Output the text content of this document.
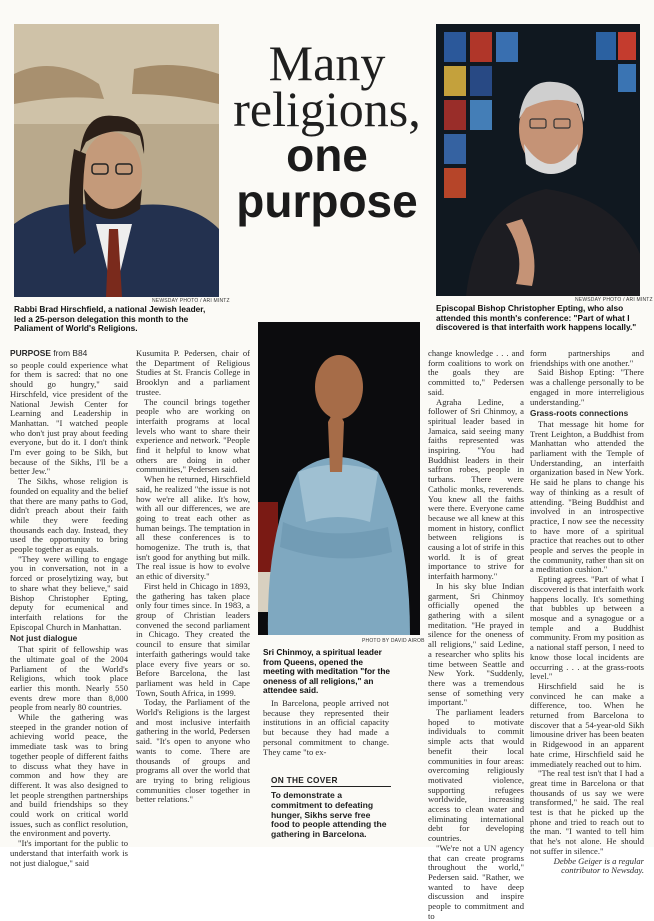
NEWSDAY PHOTO / ARI MINTZ
Rabbi Brad Hirschfield, a national Jewish leader, led a 25-person delegation this month to the Paliament of World's Religions.
Many
religions,
one
purpose
NEWSDAY PHOTO / ARI MINTZ
Episcopal Bishop Christopher Epting, who also attended this month's conference: "Part of what I discovered is that interfaith work happens locally."
PHOTO BY DAVID AIROB
Sri Chinmoy, a spiritual leader from Queens, opened the meeting with meditation "for the oneness of all religions," an attendee said.
PURPOSE from B84

so people could experience what for them is sacred: that no one should go hungry," said Hirschfeld, vice president of the National Jewish Center for Learning and Leadership in Manhattan. "I watched people who don't just pray about feeding everyone, but do it. I don't think I'm ever going to be Sikh, but because of the Sikhs, I'll be a better Jew."

The Sikhs, whose religion is founded on equality and the belief that there are many paths to God, didn't preach about their faith while they were feeding thousands each day. Instead, they used the opportunity to bring people together as equals.

"They were willing to engage you in conversation, not in a forced or proselytizing way, but to share what they believe," said Bishop Christopher Epting, deputy for ecumenical and interfaith relations for the Episcopal Church in Manhattan.

Not just dialogue

That spirit of fellowship was the ultimate goal of the 2004 Parliament of the World's Religions, which took place earlier this month. Nearly 550 events drew more than 8,000 people from nearly 80 countries.

While the gathering was steeped in the grander notion of achieving world peace, the immediate task was to bring together people of different faiths to discuss what they have in common and how they are different. It was also designed to let people strengthen partnerships and build friendships so they could work on critical world issues, such as conflict resolution, the environment and poverty.

"It's important for the public to understand that interfaith work is not just dialogue," said

Kusumita P. Pedersen, chair of the Department of Religious Studies at St. Francis College in Brooklyn and a parliament trustee.

The council brings together people who are working on interfaith programs at local levels who want to share their experience and network. "People find it helpful to know what others are doing in other communities," Pedersen said.

When he returned, Hirschfield said, he realized "the issue is not how we're all alike. It's how, with all our differences, we are going to treat each other as human beings. The temptation in all these conferences is to homogenize. The truth is, that isn't good for anything but milk. The real issue is how to evolve an ethic of diversity."

First held in Chicago in 1893, the gathering has taken place only four times since. In 1983, a group of Christian leaders convened the second parliament in Chicago. They created the council to ensure that similar interfaith gatherings would take place every five years or so. Before Barcelona, the last parliament was held in Cape Town, South Africa, in 1999.

Today, the Parliament of the World's Religions is the largest and most inclusive interfaith gathering in the world, Pedersen said. "It's open to anyone who wants to come. There are thousands of groups and programs all over the world that are trying to bring religious communities closer together in better relations."

In Barcelona, people arrived not because they represented their institutions in an official capacity but because they had made a personal commitment to change. They came "to ex-

ON THE COVER
To demonstrate a commitment to defeating hunger, Sikhs serve free food to people attending the gathering in Barcelona.

change knowledge . . . and form coalitions to work on the goals they are committed to," Pedersen said.

Agraha Ledine, a follower of Sri Chinmoy, a spiritual leader based in Jamaica, said seeing many faiths represented was inspiring. "You had Buddhist leaders in their saffron robes, people in turbans. There were Catholic monks, reverends. You knew all the faiths were there. Everyone came because we all knew at this moment in history, conflict between religions is causing a lot of strife in this world. It is of great importance to strive for interfaith harmony."

In his sky blue Indian garment, Sri Chinmoy officially opened the gathering with a silent meditation. "He prayed in silence for the oneness of all religions," said Ledine, a researcher who splits his time between Seattle and New York. "Suddenly, there was a tremendous sense of something very important."

The parliament leaders hoped to motivate individuals to commit simple acts that would benefit their local communities in four areas: overcoming religiously motivated violence, supporting refugees worldwide, increasing access to clean water and eliminating international debt for developing countries.

"We're not a UN agency that can create programs throughout the world," Pedersen said. "Rather, we wanted to have deep discussion and inspire people to commitment and to

form partnerships and friendships with one another."

Said Bishop Epting: "There was a challenge personally to be engaged in more interreligious understanding."

Grass-roots connections

That message hit home for Trent Leighton, a Buddhist from Manhattan who attended the parliament with the Temple of Understanding, an interfaith organization based in New York. He said he plans to change his way of thinking as a result of attending. "Being Buddhist and involved in an introspective practice, I now see the necessity to have more of a spiritual practice that reaches out to other people and serves the people in the community, rather than sit on a meditation cushion."

Epting agrees. "Part of what I discovered is that interfaith work happens locally. It's something that bubbles up between a mosque and a synagogue or a temple and a Buddhist community. From my position as a national staff person, I need to know those local incidents are occurring . . . at the grass-roots level."

Hirschfield said he is convinced he can make a difference, too. When he returned from Barcelona to discover that a 54-year-old Sikh limousine driver has been beaten in Ridgewood in an apparent hate crime, Hirschfield said he immediately reached out to him.

"The real test isn't that I had a great time in Barcelona or that thousands of us say we were transformed," he said. The real test is that he picked up the phone and tried to reach out to the man. "I wanted to tell him that he's not alone. He should not suffer in silence."

Debbe Geiger is a regular contributor to Newsday.
